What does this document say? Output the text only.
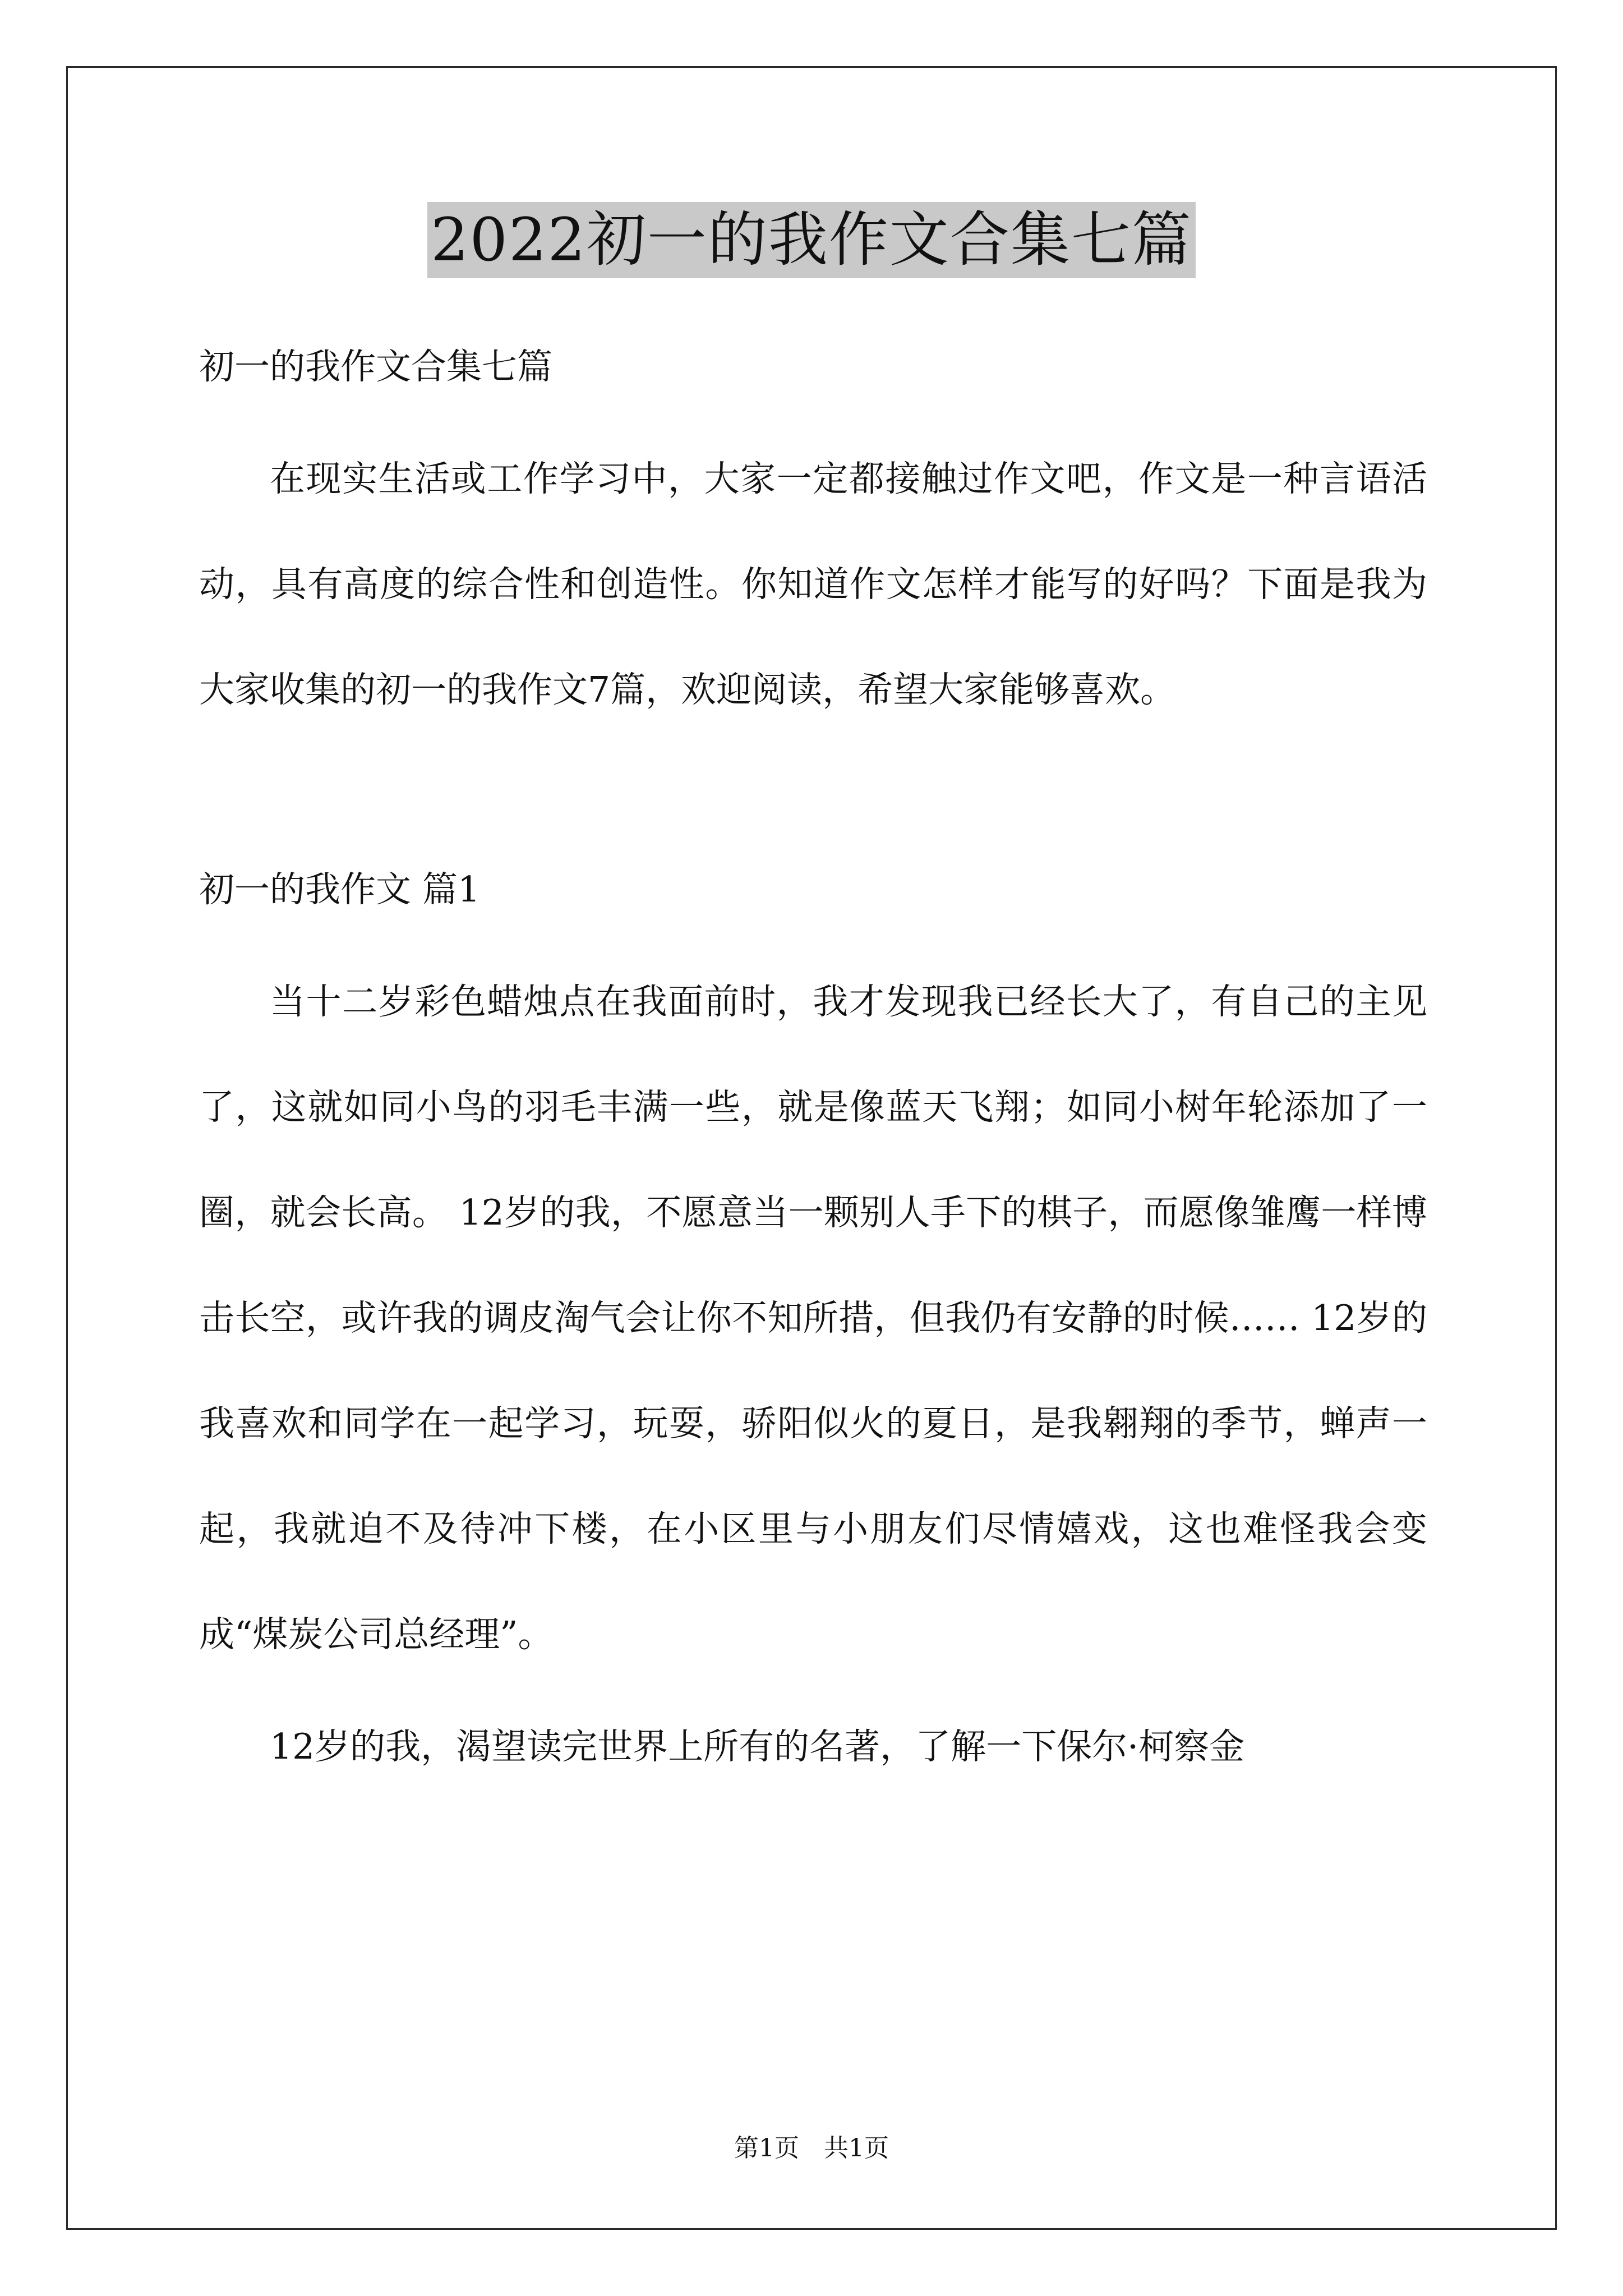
2022初一的我作文合集七篇

初一的我作文合集七篇

在现实生活或工作学习中，大家一定都接触过作文吧，作文是一种言语活动，具有高度的综合性和创造性。你知道作文怎样才能写的好吗？下面是我为大家收集的初一的我作文7篇，欢迎阅读，希望大家能够喜欢。

初一的我作文 篇1

当十二岁彩色蜡烛点在我面前时，我才发现我已经长大了，有自己的主见了，这就如同小鸟的羽毛丰满一些，就是像蓝天飞翔；如同小树年轮添加了一圈，就会长高。 12岁的我，不愿意当一颗别人手下的棋子，而愿像雏鹰一样博击长空，或许我的调皮淘气会让你不知所措，但我仍有安静的时候…… 12岁的我喜欢和同学在一起学习，玩耍，骄阳似火的夏日，是我翱翔的季节，蝉声一起，我就迫不及待冲下楼，在小区里与小朋友们尽情嬉戏，这也难怪我会变成“煤炭公司总经理”。

12岁的我，渴望读完世界上所有的名著，了解一下保尔·柯察金

第1页　共1页
